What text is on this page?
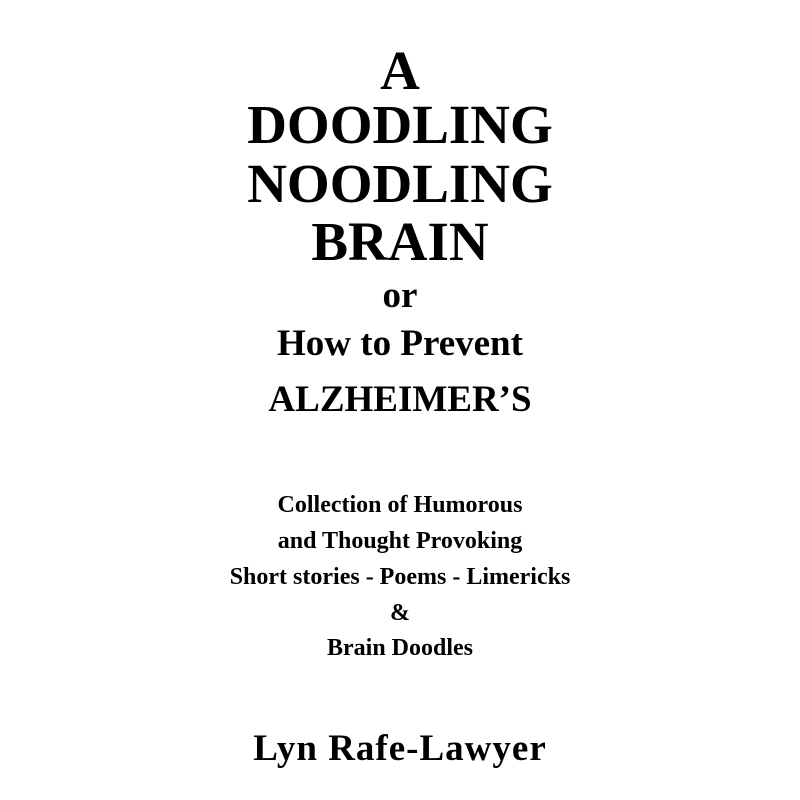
A
DOODLING
NOODLING
BRAIN
or
How to Prevent
ALZHEIMER’S
Collection of Humorous
and Thought Provoking
Short stories - Poems - Limericks
&
Brain Doodles
Lyn Rafe-Lawyer
